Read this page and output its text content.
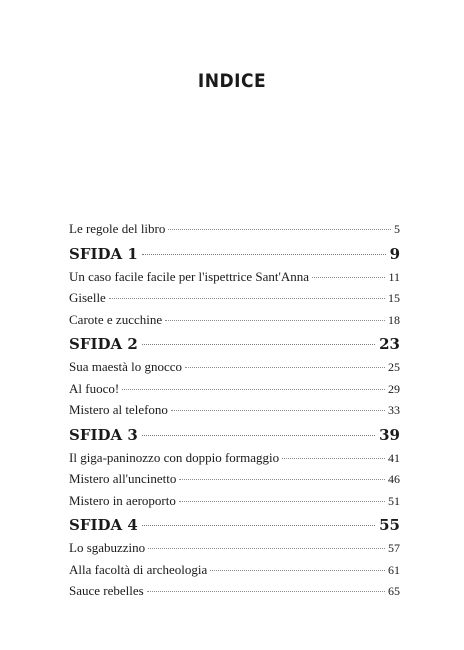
INDICE
Le regole del libro	5
SFIDA 1	9
Un caso facile facile per l'ispettrice Sant'Anna	11
Giselle	15
Carote e zucchine	18
SFIDA 2	23
Sua maestà lo gnocco	25
Al fuoco!	29
Mistero al telefono	33
SFIDA 3	39
Il giga-paninozzo con doppio formaggio	41
Mistero all'uncinetto	46
Mistero in aeroporto	51
SFIDA 4	55
Lo sgabuzzino	57
Alla facoltà di archeologia	61
Sauce rebelles	65
